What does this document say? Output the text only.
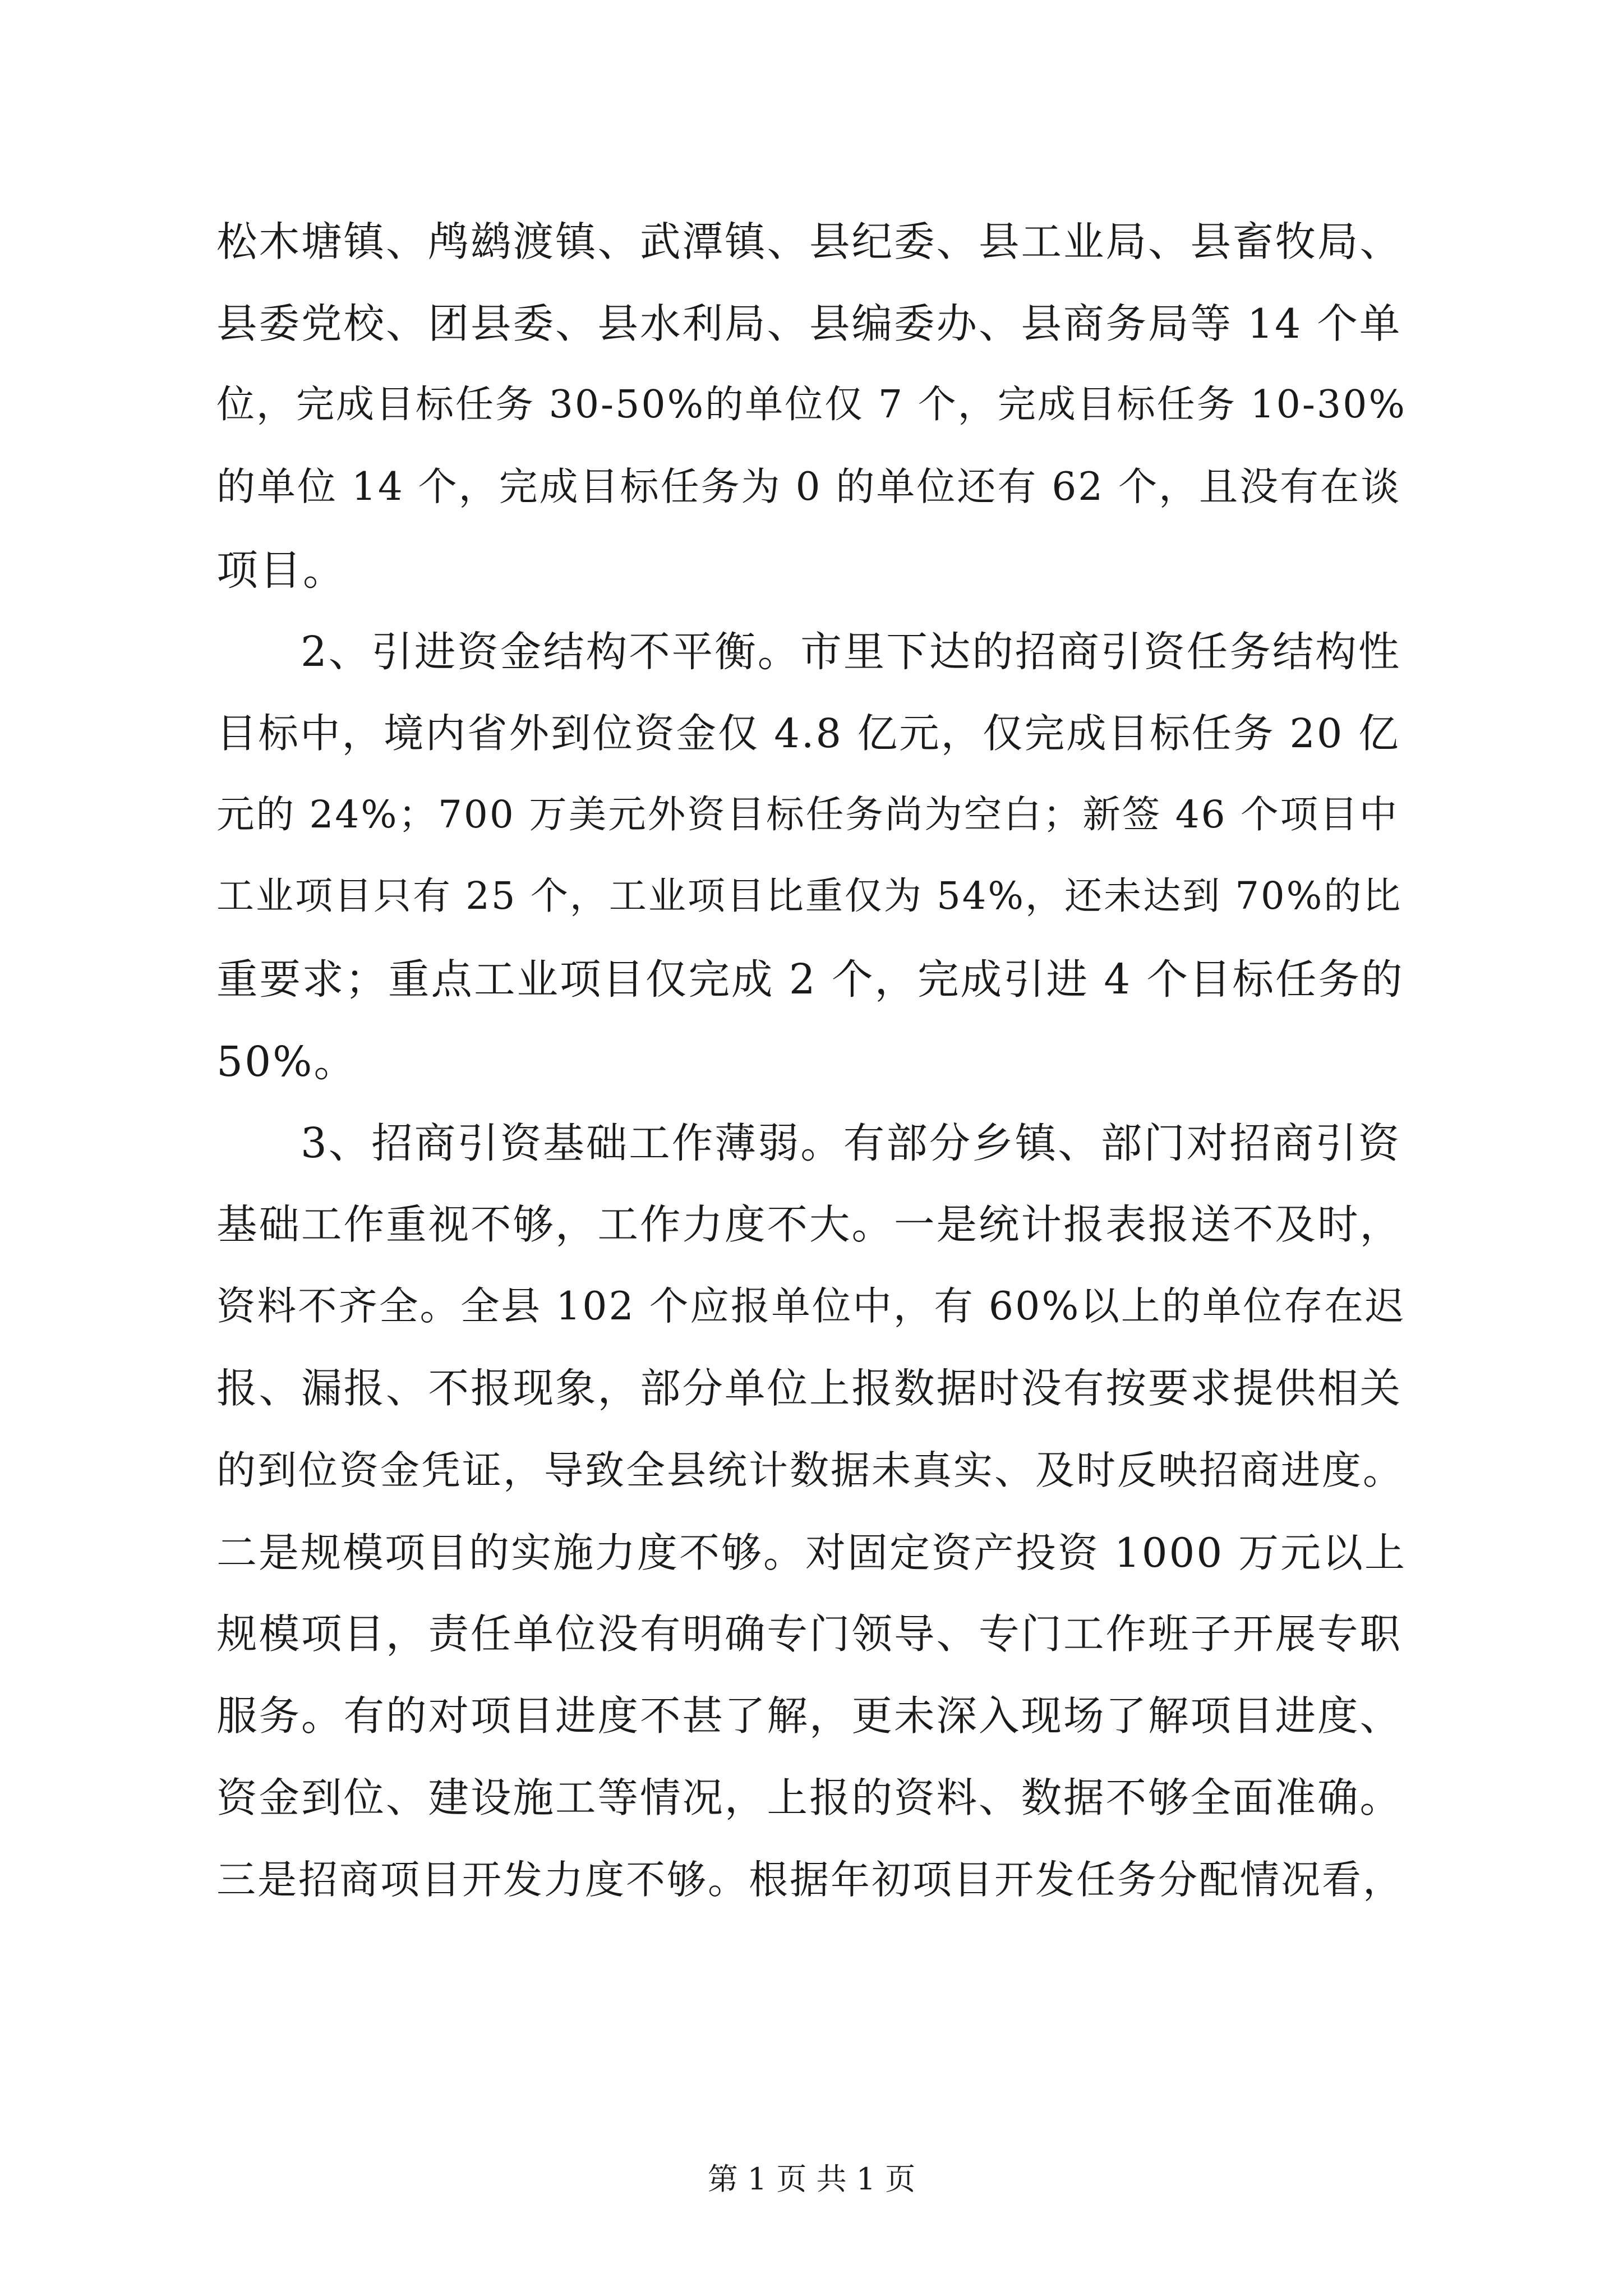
松木塘镇、鸬鹚渡镇、武潭镇、县纪委、县工业局、县畜牧局、
县委党校、团县委、县水利局、县编委办、县商务局等 14 个单
位，完成目标任务 30-50%的单位仅 7 个，完成目标任务 10-30%
的单位 14 个，完成目标任务为 0 的单位还有 62 个，且没有在谈
项目。
2、引进资金结构不平衡。市里下达的招商引资任务结构性
目标中，境内省外到位资金仅 4.8 亿元，仅完成目标任务 20 亿
元的 24%；700 万美元外资目标任务尚为空白；新签 46 个项目中
工业项目只有 25 个，工业项目比重仅为 54%，还未达到 70%的比
重要求；重点工业项目仅完成 2 个，完成引进 4 个目标任务的
50%。
3、招商引资基础工作薄弱。有部分乡镇、部门对招商引资
基础工作重视不够，工作力度不大。一是统计报表报送不及时，
资料不齐全。全县 102 个应报单位中，有 60%以上的单位存在迟
报、漏报、不报现象，部分单位上报数据时没有按要求提供相关
的到位资金凭证，导致全县统计数据未真实、及时反映招商进度。
二是规模项目的实施力度不够。对固定资产投资 1000 万元以上
规模项目，责任单位没有明确专门领导、专门工作班子开展专职
服务。有的对项目进度不甚了解，更未深入现场了解项目进度、
资金到位、建设施工等情况，上报的资料、数据不够全面准确。
三是招商项目开发力度不够。根据年初项目开发任务分配情况看，
第 1 页 共 1 页
